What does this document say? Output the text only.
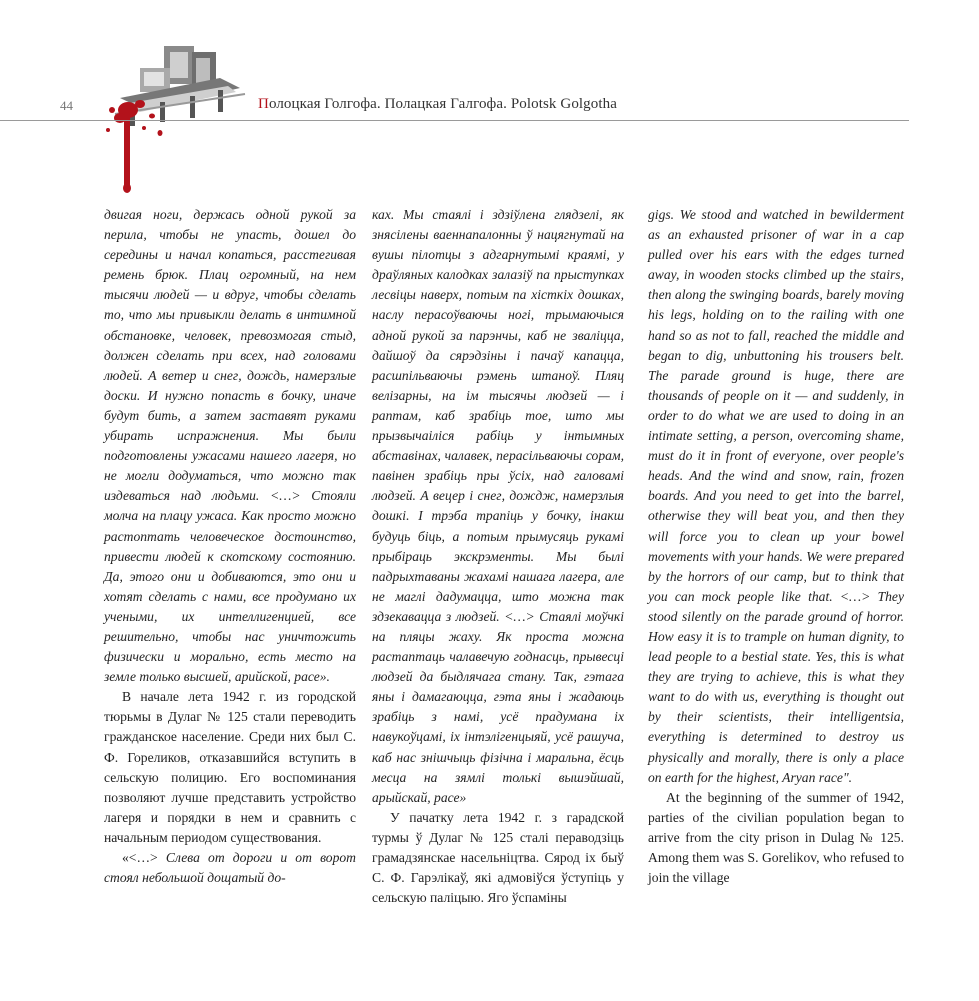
44	Полоцкая Голгофа. Полацкая Галгофа. Polotsk Golgotha

двигая ноги, держась одной рукой за перила, чтобы не упасть, дошел до середины и начал копаться, расстегивая ремень брюк. Плац огромный, на нем тысячи людей — и вдруг, чтобы сделать то, что мы привыкли делать в интимной обстановке, человек, превозмогая стыд, должен сделать при всех, над головами людей. А ветер и снег, дождь, намерзлые доски. И нужно попасть в бочку, иначе будут бить, а затем заставят руками убирать испражнения. Мы были подготовлены ужасами нашего лагеря, но не могли додуматься, что можно так издеваться над людьми. <…> Стояли молча на плацу ужаса. Как просто можно растоптать человеческое достоинство, привести людей к скотскому состоянию. Да, этого они и добиваются, это они и хотят сделать с нами, все продумано их учеными, их интеллигенцией, все решительно, чтобы нас уничтожить физически и морально, есть место на земле только высшей, арийской, расе».

В начале лета 1942 г. из городской тюрьмы в Дулаг № 125 стали переводить гражданское население. Среди них был С. Ф. Гореликов, отказавшийся вступить в сельскую полицию. Его воспоминания позволяют лучше представить устройство лагеря и порядки в нем и сравнить с начальным периодом существования.

«<…> Слева от дороги и от ворот стоял небольшой дощатый до-

ках. Мы стаялі і здзіўлена глядзелі, як знясілены ваеннапалонны ў нацягнутай на вушы пілотцы з адгарнутымі краямі, у драўляных калодках залазіў па прыступках лесвіцы наверх, потым па хісткіх дошках, наслу перасоўваючы ногі, трымаючыся адной рукой за парэнчы, каб не зваліцца, дайшоў да сярэдзіны і пачаў капацца, расшпільваючы рэмень штаноў. Пляц велізарны, на ім тысячы людзей — і раптам, каб зрабіць тое, што мы прызвычаіліся рабіць у інтымных абставінах, чалавек, перасільваючы сорам, павінен зрабіць пры ўсіх, над галовамі людзей. А вецер і снег, дождж, намерзлыя дошкі. І трэба трапіць у бочку, інакш будуць біць, а потым прымусяць рукамі прыбіраць экскрэменты. Мы былі падрыхтаваны жахамі нашага лагера, але не маглі дадумацца, што можна так здзекавацца з людзей. <…> Стаялі моўчкі на пляцы жаху. Як проста можна растаптаць чалавечую годнасць, прывесці людзей да быдлячага стану. Так, гэтага яны і дамагаюцца, гэта яны і жадаюць зрабіць з намі, усё прадумана іх навукоўцамі, іх інтэлігенцыяй, усё рашуча, каб нас знішчыць фізічна і маральна, ёсць месца на зямлі толькі вышэйшай, арыйскай, расе»

У пачатку лета 1942 г. з гарадской турмы ў Дулаг № 125 сталі пераводзіць грамадзянскае насельніцтва. Сярод іх быў С. Ф. Гарэлікаў, які адмовіўся ўступіць у сельскую паліцыю. Яго ўспаміны

gigs. We stood and watched in bewilderment as an exhausted prisoner of war in a cap pulled over his ears with the edges turned away, in wooden stocks climbed up the stairs, then along the swinging boards, barely moving his legs, holding on to the railing with one hand so as not to fall, reached the middle and began to dig, unbuttoning his trousers belt. The parade ground is huge, there are thousands of people on it — and suddenly, in order to do what we are used to doing in an intimate setting, a person, overcoming shame, must do it in front of everyone, over people's heads. And the wind and snow, rain, frozen boards. And you need to get into the barrel, otherwise they will beat you, and then they will force you to clean up your bowel movements with your hands. We were prepared by the horrors of our camp, but to think that you can mock people like that. <…> They stood silently on the parade ground of horror. How easy it is to trample on human dignity, to lead people to a bestial state. Yes, this is what they are trying to achieve, this is what they want to do with us, everything is thought out by their scientists, their intelligentsia, everything is determined to destroy us physically and morally, there is only a place on earth for the highest, Aryan race".

At the beginning of the summer of 1942, parties of the civilian population began to arrive from the city prison in Dulag № 125. Among them was S. Gorelikov, who refused to join the village
